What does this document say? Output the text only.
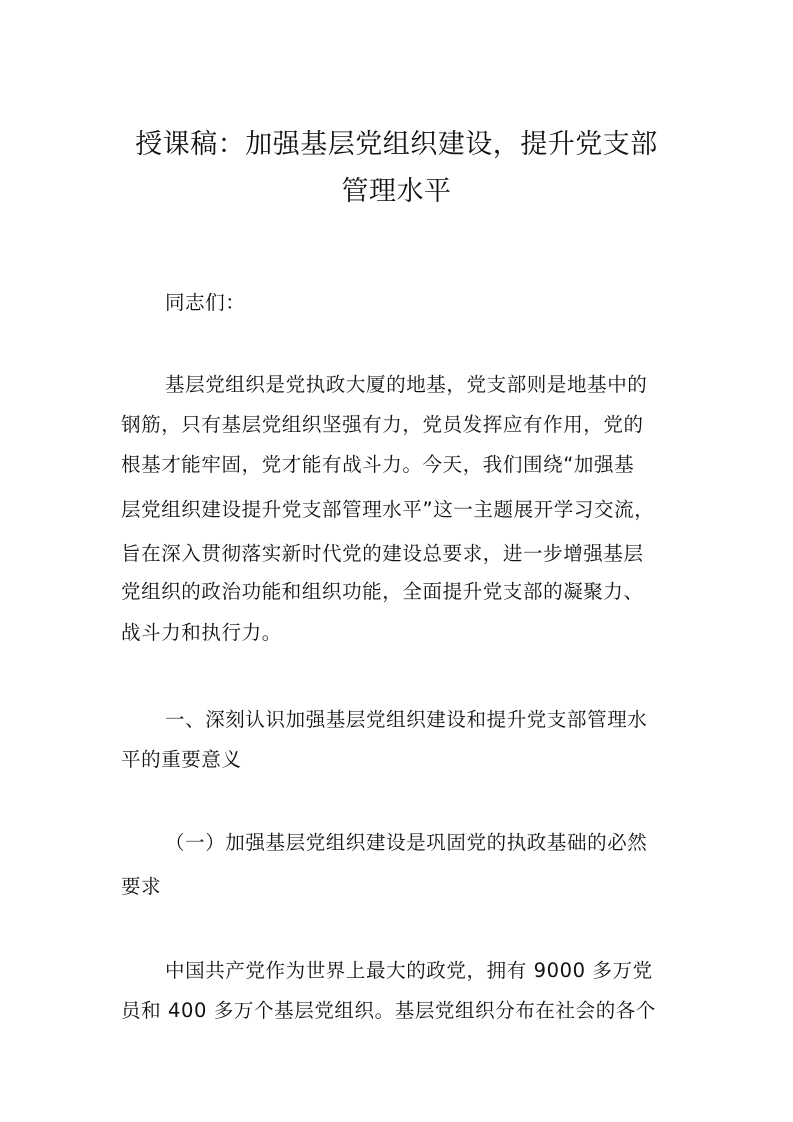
授课稿：加强基层党组织建设，提升党支部
管理水平
同志们：
基层党组织是党执政大厦的地基，党支部则是地基中的
钢筋，只有基层党组织坚强有力，党员发挥应有作用，党的
根基才能牢固，党才能有战斗力。今天，我们围绕“加强基
层党组织建设提升党支部管理水平”这一主题展开学习交流，
旨在深入贯彻落实新时代党的建设总要求，进一步增强基层
党组织的政治功能和组织功能，全面提升党支部的凝聚力、
战斗力和执行力。
一、深刻认识加强基层党组织建设和提升党支部管理水
平的重要意义
（一）加强基层党组织建设是巩固党的执政基础的必然
要求
中国共产党作为世界上最大的政党，拥有 9000 多万党
员和 400 多万个基层党组织。基层党组织分布在社会的各个
